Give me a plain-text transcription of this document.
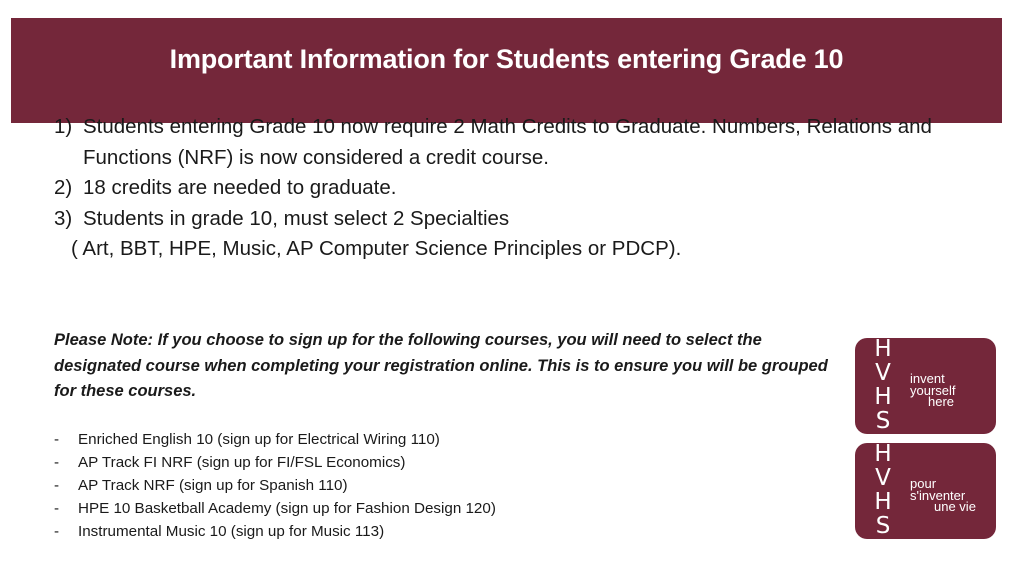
Important Information for Students entering Grade 10
1) Students entering Grade 10 now require 2 Math Credits to Graduate. Numbers, Relations and Functions (NRF) is now considered a credit course.
2) 18 credits are needed to graduate.
3) Students in grade 10, must select 2 Specialties
( Art, BBT, HPE, Music, AP Computer Science Principles or PDCP).

Please Note: If you choose to sign up for the following courses, you will need to select the designated course when completing your registration online. This is to ensure you will be grouped for these courses.

- Enriched English 10 (sign up for Electrical Wiring 110)
- AP Track FI NRF (sign up for FI/FSL Economics)
- AP Track NRF (sign up for Spanish 110)
- HPE 10 Basketball Academy (sign up for Fashion Design 120)
- Instrumental Music 10 (sign up for Music 113)
H
V
H
S
invent
yourself
here
H
V
H
S
pour
s'inventer
une vie
